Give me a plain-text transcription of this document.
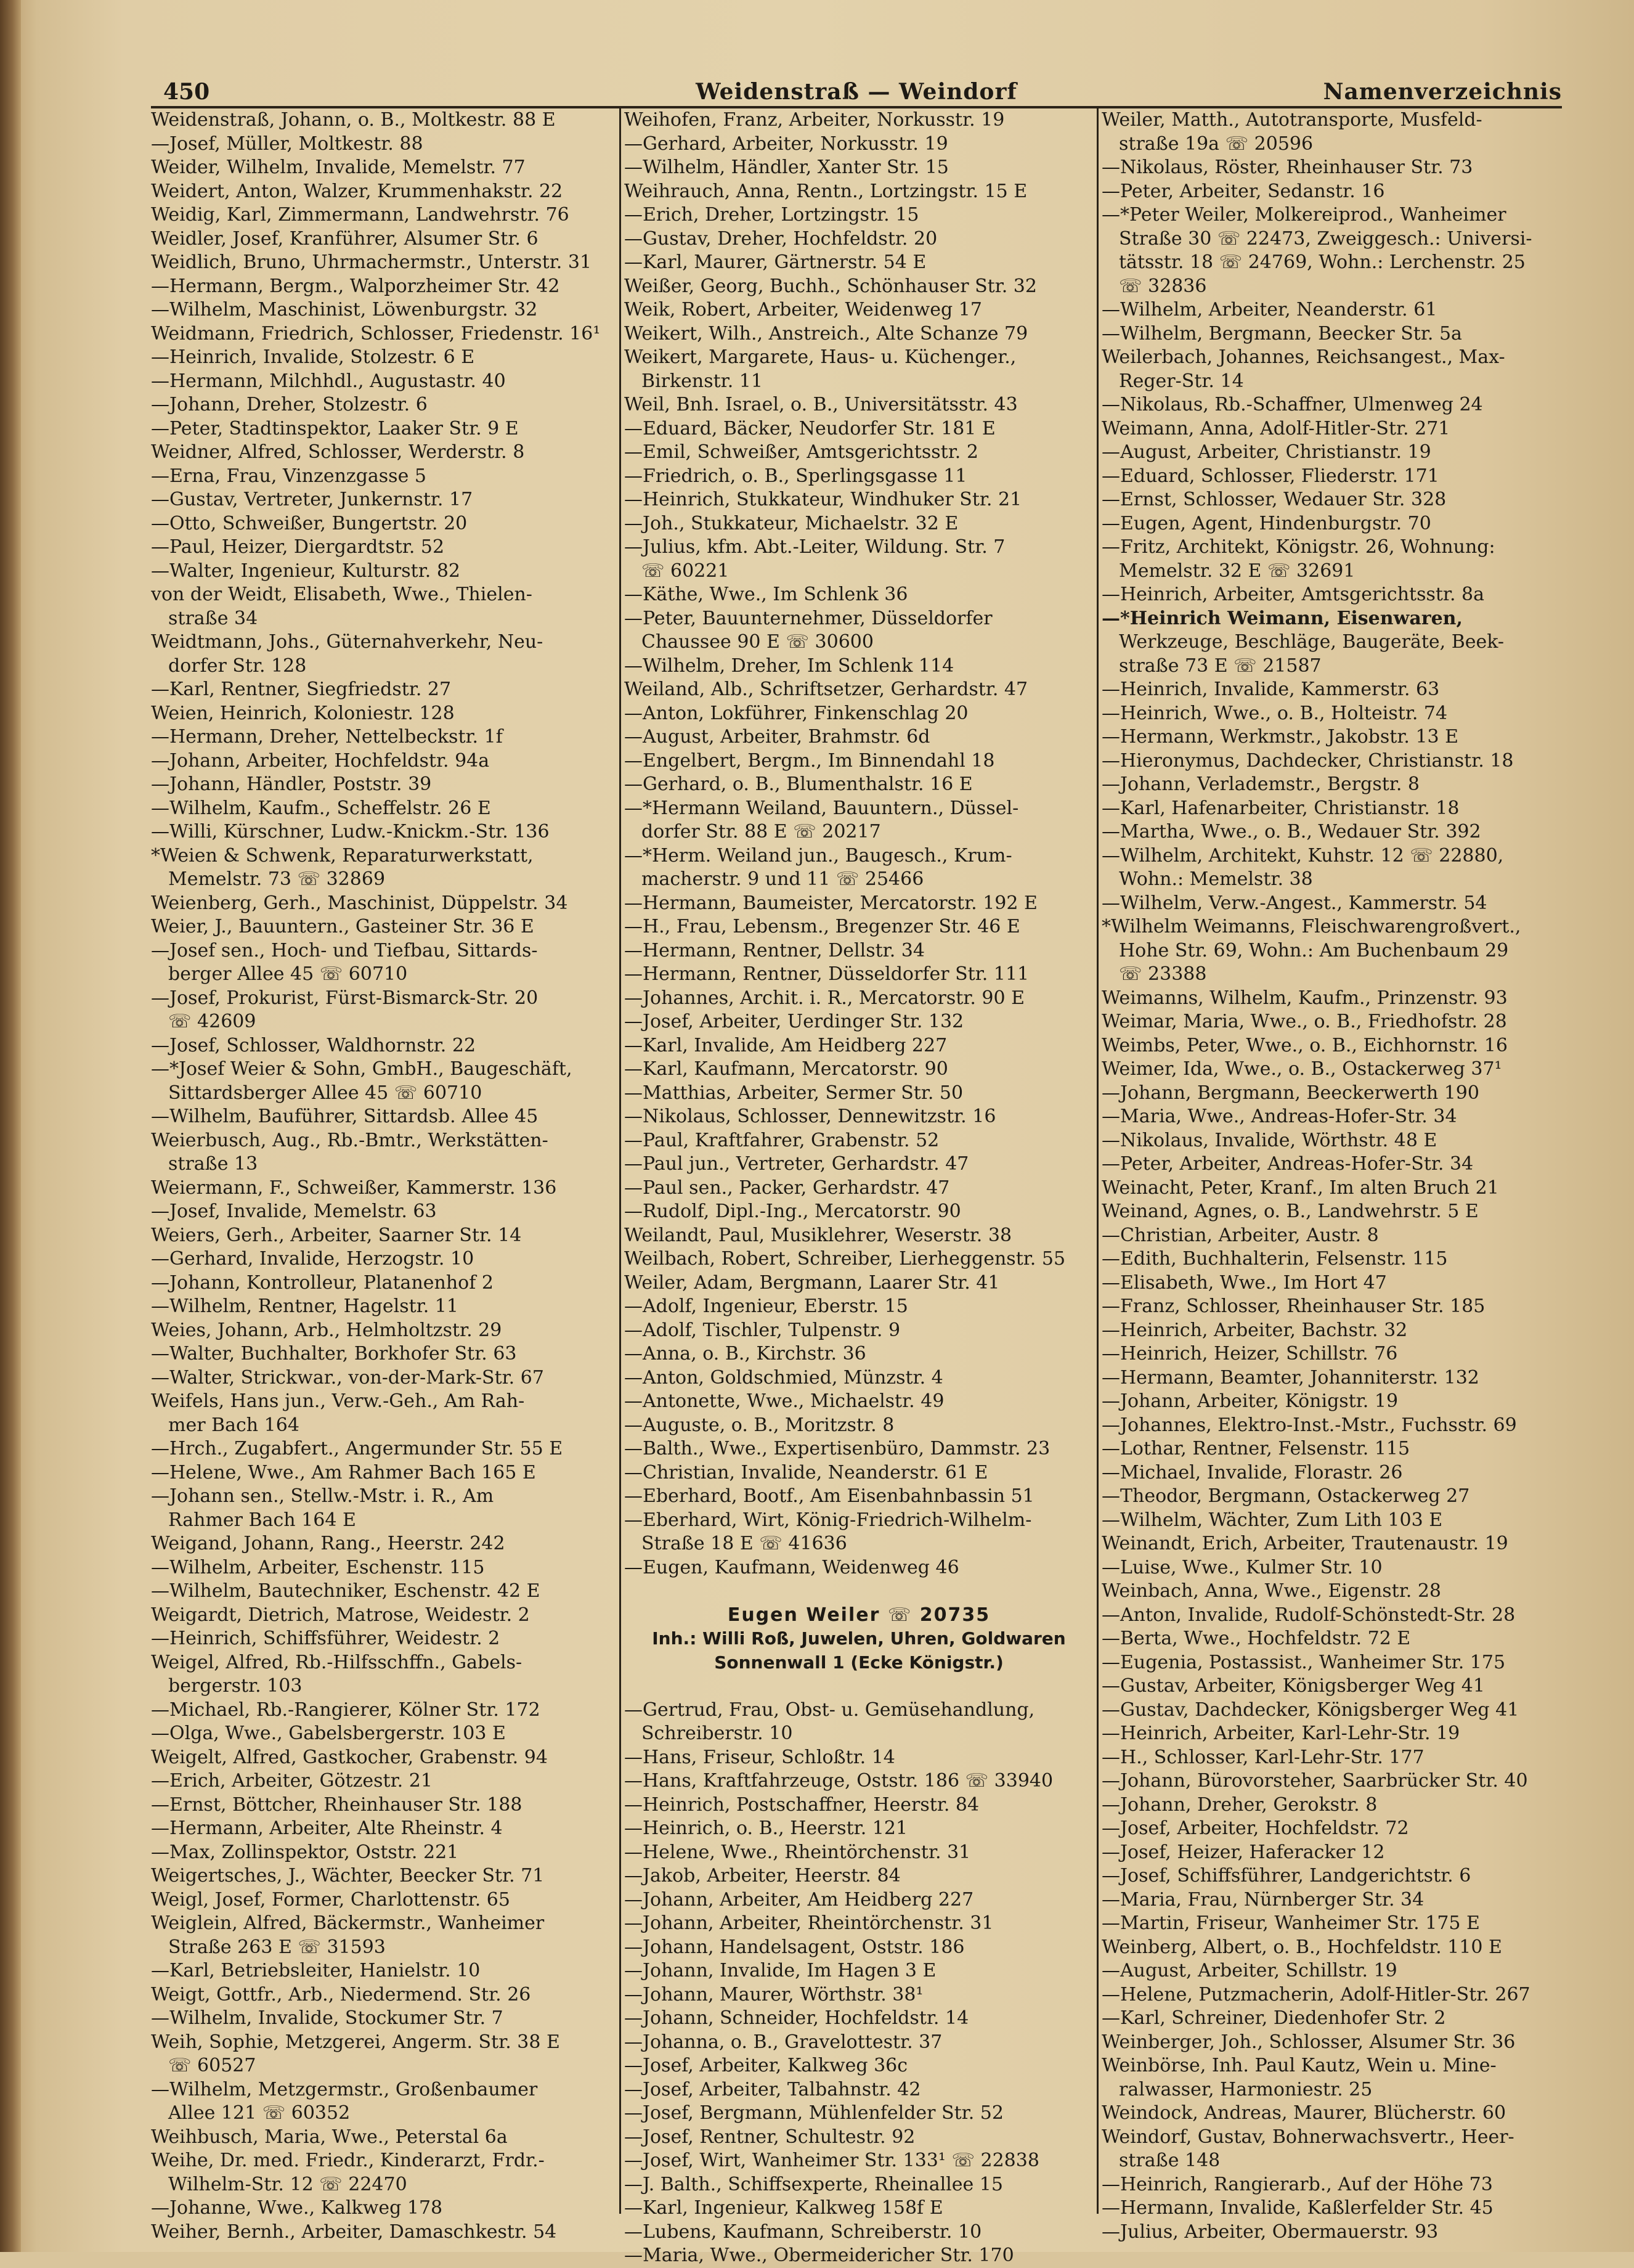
450	Weidenstraß — Weindorf	Namenverzeichnis
Weidenstraß, Johann, o. B., Moltkestr. 88 E
—Josef, Müller, Moltkestr. 88
Weider, Wilhelm, Invalide, Memelstr. 77
Weidert, Anton, Walzer, Krummenhakstr. 22
Weidig, Karl, Zimmermann, Landwehrstr. 76
Weidler, Josef, Kranführer, Alsumer Str. 6
Weidlich, Bruno, Uhrmachermstr., Unterstr. 31
—Hermann, Bergm., Walporzheimer Str. 42
—Wilhelm, Maschinist, Löwenburgstr. 32
Weidmann, Friedrich, Schlosser, Friedenstr. 16¹
—Heinrich, Invalide, Stolzestr. 6 E
—Hermann, Milchhdl., Augustastr. 40
—Johann, Dreher, Stolzestr. 6
—Peter, Stadtinspektor, Laaker Str. 9 E
Weidner, Alfred, Schlosser, Werderstr. 8
—Erna, Frau, Vinzenzgasse 5
—Gustav, Vertreter, Junkernstr. 17
—Otto, Schweißer, Bungertstr. 20
—Paul, Heizer, Diergardtstr. 52
—Walter, Ingenieur, Kulturstr. 82
von der Weidt, Elisabeth, Wwe., Thielen-
straße 34
Weidtmann, Johs., Güternahverkehr, Neu-
dorfer Str. 128
—Karl, Rentner, Siegfriedstr. 27
Weien, Heinrich, Koloniestr. 128
—Hermann, Dreher, Nettelbeckstr. 1f
—Johann, Arbeiter, Hochfeldstr. 94a
—Johann, Händler, Poststr. 39
—Wilhelm, Kaufm., Scheffelstr. 26 E
—Willi, Kürschner, Ludw.-Knickm.-Str. 136
*Weien & Schwenk, Reparaturwerkstatt,
Memelstr. 73 ☏ 32869
Weienberg, Gerh., Maschinist, Düppelstr. 34
Weier, J., Bauuntern., Gasteiner Str. 36 E
—Josef sen., Hoch- und Tiefbau, Sittards-
berger Allee 45 ☏ 60710
—Josef, Prokurist, Fürst-Bismarck-Str. 20
☏ 42609
—Josef, Schlosser, Waldhornstr. 22
—*Josef Weier & Sohn, GmbH., Baugeschäft,
Sittardsberger Allee 45 ☏ 60710
—Wilhelm, Bauführer, Sittardsb. Allee 45
Weierbusch, Aug., Rb.-Bmtr., Werkstätten-
straße 13
Weiermann, F., Schweißer, Kammerstr. 136
—Josef, Invalide, Memelstr. 63
Weiers, Gerh., Arbeiter, Saarner Str. 14
—Gerhard, Invalide, Herzogstr. 10
—Johann, Kontrolleur, Platanenhof 2
—Wilhelm, Rentner, Hagelstr. 11
Weies, Johann, Arb., Helmholtzstr. 29
—Walter, Buchhalter, Borkhofer Str. 63
—Walter, Strickwar., von-der-Mark-Str. 67
Weifels, Hans jun., Verw.-Geh., Am Rah-
mer Bach 164
—Hrch., Zugabfert., Angermunder Str. 55 E
—Helene, Wwe., Am Rahmer Bach 165 E
—Johann sen., Stellw.-Mstr. i. R., Am
Rahmer Bach 164 E
Weigand, Johann, Rang., Heerstr. 242
—Wilhelm, Arbeiter, Eschenstr. 115
—Wilhelm, Bautechniker, Eschenstr. 42 E
Weigardt, Dietrich, Matrose, Weidestr. 2
—Heinrich, Schiffsführer, Weidestr. 2
Weigel, Alfred, Rb.-Hilfsschffn., Gabels-
bergerstr. 103
—Michael, Rb.-Rangierer, Kölner Str. 172
—Olga, Wwe., Gabelsbergerstr. 103 E
Weigelt, Alfred, Gastkocher, Grabenstr. 94
—Erich, Arbeiter, Götzestr. 21
—Ernst, Böttcher, Rheinhauser Str. 188
—Hermann, Arbeiter, Alte Rheinstr. 4
—Max, Zollinspektor, Oststr. 221
Weigertsches, J., Wächter, Beecker Str. 71
Weigl, Josef, Former, Charlottenstr. 65
Weiglein, Alfred, Bäckermstr., Wanheimer
Straße 263 E ☏ 31593
—Karl, Betriebsleiter, Hanielstr. 10
Weigt, Gottfr., Arb., Niedermend. Str. 26
—Wilhelm, Invalide, Stockumer Str. 7
Weih, Sophie, Metzgerei, Angerm. Str. 38 E
☏ 60527
—Wilhelm, Metzgermstr., Großenbaumer
Allee 121 ☏ 60352
Weihbusch, Maria, Wwe., Peterstal 6a
Weihe, Dr. med. Friedr., Kinderarzt, Frdr.-
Wilhelm-Str. 12 ☏ 22470
—Johanne, Wwe., Kalkweg 178
Weiher, Bernh., Arbeiter, Damaschkestr. 54
Weihofen, Franz, Arbeiter, Norkusstr. 19
—Gerhard, Arbeiter, Norkusstr. 19
—Wilhelm, Händler, Xanter Str. 15
Weihrauch, Anna, Rentn., Lortzingstr. 15 E
—Erich, Dreher, Lortzingstr. 15
—Gustav, Dreher, Hochfeldstr. 20
—Karl, Maurer, Gärtnerstr. 54 E
Weißer, Georg, Buchh., Schönhauser Str. 32
Weik, Robert, Arbeiter, Weidenweg 17
Weikert, Wilh., Anstreich., Alte Schanze 79
Weikert, Margarete, Haus- u. Küchenger.,
Birkenstr. 11
Weil, Bnh. Israel, o. B., Universitätsstr. 43
—Eduard, Bäcker, Neudorfer Str. 181 E
—Emil, Schweißer, Amtsgerichtsstr. 2
—Friedrich, o. B., Sperlingsgasse 11
—Heinrich, Stukkateur, Windhuker Str. 21
—Joh., Stukkateur, Michaelstr. 32 E
—Julius, kfm. Abt.-Leiter, Wildung. Str. 7
☏ 60221
—Käthe, Wwe., Im Schlenk 36
—Peter, Bauunternehmer, Düsseldorfer
Chaussee 90 E ☏ 30600
—Wilhelm, Dreher, Im Schlenk 114
Weiland, Alb., Schriftsetzer, Gerhardstr. 47
—Anton, Lokführer, Finkenschlag 20
—August, Arbeiter, Brahmstr. 6d
—Engelbert, Bergm., Im Binnendahl 18
—Gerhard, o. B., Blumenthalstr. 16 E
—*Hermann Weiland, Bauuntern., Düssel-
dorfer Str. 88 E ☏ 20217
—*Herm. Weiland jun., Baugesch., Krum-
macherstr. 9 und 11 ☏ 25466
—Hermann, Baumeister, Mercatorstr. 192 E
—H., Frau, Lebensm., Bregenzer Str. 46 E
—Hermann, Rentner, Dellstr. 34
—Hermann, Rentner, Düsseldorfer Str. 111
—Johannes, Archit. i. R., Mercatorstr. 90 E
—Josef, Arbeiter, Uerdinger Str. 132
—Karl, Invalide, Am Heidberg 227
—Karl, Kaufmann, Mercatorstr. 90
—Matthias, Arbeiter, Sermer Str. 50
—Nikolaus, Schlosser, Dennewitzstr. 16
—Paul, Kraftfahrer, Grabenstr. 52
—Paul jun., Vertreter, Gerhardstr. 47
—Paul sen., Packer, Gerhardstr. 47
—Rudolf, Dipl.-Ing., Mercatorstr. 90
Weilandt, Paul, Musiklehrer, Weserstr. 38
Weilbach, Robert, Schreiber, Lierheggenstr. 55
Weiler, Adam, Bergmann, Laarer Str. 41
—Adolf, Ingenieur, Eberstr. 15
—Adolf, Tischler, Tulpenstr. 9
—Anna, o. B., Kirchstr. 36
—Anton, Goldschmied, Münzstr. 4
—Antonette, Wwe., Michaelstr. 49
—Auguste, o. B., Moritzstr. 8
—Balth., Wwe., Expertisenbüro, Dammstr. 23
—Christian, Invalide, Neanderstr. 61 E
—Eberhard, Bootf., Am Eisenbahnbassin 51
—Eberhard, Wirt, König-Friedrich-Wilhelm-
Straße 18 E ☏ 41636
—Eugen, Kaufmann, Weidenweg 46
Eugen Weiler ☏ 20735
Inh.: Willi Roß, Juwelen, Uhren, Goldwaren
Sonnenwall 1 (Ecke Königstr.)
—Gertrud, Frau, Obst- u. Gemüsehandlung,
Schreiberstr. 10
—Hans, Friseur, Schloßtr. 14
—Hans, Kraftfahrzeuge, Oststr. 186 ☏ 33940
—Heinrich, Postschaffner, Heerstr. 84
—Heinrich, o. B., Heerstr. 121
—Helene, Wwe., Rheintörchenstr. 31
—Jakob, Arbeiter, Heerstr. 84
—Johann, Arbeiter, Am Heidberg 227
—Johann, Arbeiter, Rheintörchenstr. 31
—Johann, Handelsagent, Oststr. 186
—Johann, Invalide, Im Hagen 3 E
—Johann, Maurer, Wörthstr. 38¹
—Johann, Schneider, Hochfeldstr. 14
—Johanna, o. B., Gravelottestr. 37
—Josef, Arbeiter, Kalkweg 36c
—Josef, Arbeiter, Talbahnstr. 42
—Josef, Bergmann, Mühlenfelder Str. 52
—Josef, Rentner, Schultestr. 92
—Josef, Wirt, Wanheimer Str. 133¹ ☏ 22838
—J. Balth., Schiffsexperte, Rheinallee 15
—Karl, Ingenieur, Kalkweg 158f E
—Lubens, Kaufmann, Schreiberstr. 10
—Maria, Wwe., Obermeidericher Str. 170
Weiler, Matth., Autotransporte, Musfeld-
straße 19a ☏ 20596
—Nikolaus, Röster, Rheinhauser Str. 73
—Peter, Arbeiter, Sedanstr. 16
—*Peter Weiler, Molkereiprod., Wanheimer
Straße 30 ☏ 22473, Zweiggesch.: Universi-
tätsstr. 18 ☏ 24769, Wohn.: Lerchenstr. 25
☏ 32836
—Wilhelm, Arbeiter, Neanderstr. 61
—Wilhelm, Bergmann, Beecker Str. 5a
Weilerbach, Johannes, Reichsangest., Max-
Reger-Str. 14
—Nikolaus, Rb.-Schaffner, Ulmenweg 24
Weimann, Anna, Adolf-Hitler-Str. 271
—August, Arbeiter, Christianstr. 19
—Eduard, Schlosser, Fliederstr. 171
—Ernst, Schlosser, Wedauer Str. 328
—Eugen, Agent, Hindenburgstr. 70
—Fritz, Architekt, Königstr. 26, Wohnung:
Memelstr. 32 E ☏ 32691
—Heinrich, Arbeiter, Amtsgerichtsstr. 8a
—*Heinrich Weimann, Eisenwaren,
Werkzeuge, Beschläge, Baugeräte, Beek-
straße 73 E ☏ 21587
—Heinrich, Invalide, Kammerstr. 63
—Heinrich, Wwe., o. B., Holteistr. 74
—Hermann, Werkmstr., Jakobstr. 13 E
—Hieronymus, Dachdecker, Christianstr. 18
—Johann, Verlademstr., Bergstr. 8
—Karl, Hafenarbeiter, Christianstr. 18
—Martha, Wwe., o. B., Wedauer Str. 392
—Wilhelm, Architekt, Kuhstr. 12 ☏ 22880,
Wohn.: Memelstr. 38
—Wilhelm, Verw.-Angest., Kammerstr. 54
*Wilhelm Weimanns, Fleischwarengroßvert.,
Hohe Str. 69, Wohn.: Am Buchenbaum 29
☏ 23388
Weimanns, Wilhelm, Kaufm., Prinzenstr. 93
Weimar, Maria, Wwe., o. B., Friedhofstr. 28
Weimbs, Peter, Wwe., o. B., Eichhornstr. 16
Weimer, Ida, Wwe., o. B., Ostackerweg 37¹
—Johann, Bergmann, Beeckerwerth 190
—Maria, Wwe., Andreas-Hofer-Str. 34
—Nikolaus, Invalide, Wörthstr. 48 E
—Peter, Arbeiter, Andreas-Hofer-Str. 34
Weinacht, Peter, Kranf., Im alten Bruch 21
Weinand, Agnes, o. B., Landwehrstr. 5 E
—Christian, Arbeiter, Austr. 8
—Edith, Buchhalterin, Felsenstr. 115
—Elisabeth, Wwe., Im Hort 47
—Franz, Schlosser, Rheinhauser Str. 185
—Heinrich, Arbeiter, Bachstr. 32
—Heinrich, Heizer, Schillstr. 76
—Hermann, Beamter, Johanniterstr. 132
—Johann, Arbeiter, Königstr. 19
—Johannes, Elektro-Inst.-Mstr., Fuchsstr. 69
—Lothar, Rentner, Felsenstr. 115
—Michael, Invalide, Florastr. 26
—Theodor, Bergmann, Ostackerweg 27
—Wilhelm, Wächter, Zum Lith 103 E
Weinandt, Erich, Arbeiter, Trautenaustr. 19
—Luise, Wwe., Kulmer Str. 10
Weinbach, Anna, Wwe., Eigenstr. 28
—Anton, Invalide, Rudolf-Schönstedt-Str. 28
—Berta, Wwe., Hochfeldstr. 72 E
—Eugenia, Postassist., Wanheimer Str. 175
—Gustav, Arbeiter, Königsberger Weg 41
—Gustav, Dachdecker, Königsberger Weg 41
—Heinrich, Arbeiter, Karl-Lehr-Str. 19
—H., Schlosser, Karl-Lehr-Str. 177
—Johann, Bürovorsteher, Saarbrücker Str. 40
—Johann, Dreher, Gerokstr. 8
—Josef, Arbeiter, Hochfeldstr. 72
—Josef, Heizer, Haferacker 12
—Josef, Schiffsführer, Landgerichtstr. 6
—Maria, Frau, Nürnberger Str. 34
—Martin, Friseur, Wanheimer Str. 175 E
Weinberg, Albert, o. B., Hochfeldstr. 110 E
—August, Arbeiter, Schillstr. 19
—Helene, Putzmacherin, Adolf-Hitler-Str. 267
—Karl, Schreiner, Diedenhofer Str. 2
Weinberger, Joh., Schlosser, Alsumer Str. 36
Weinbörse, Inh. Paul Kautz, Wein u. Mine-
ralwasser, Harmoniestr. 25
Weindock, Andreas, Maurer, Blücherstr. 60
Weindorf, Gustav, Bohnerwachsvertr., Heer-
straße 148
—Heinrich, Rangierarb., Auf der Höhe 73
—Hermann, Invalide, Kaßlerfelder Str. 45
—Julius, Arbeiter, Obermauerstr. 93
